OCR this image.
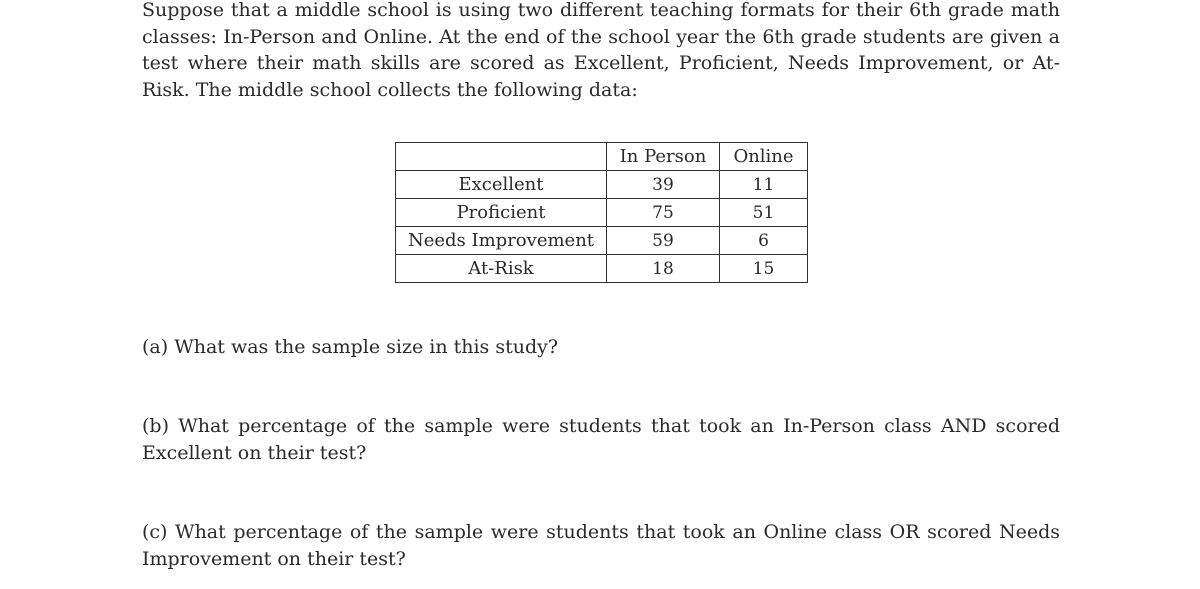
Suppose that a middle school is using two different teaching formats for their 6th grade math classes: In-Person and Online. At the end of the school year the 6th grade students are given a test where their math skills are scored as Excellent, Proficient, Needs Improvement, or At-Risk. The middle school collects the following data:

	In Person	Online
Excellent	39	11
Proficient	75	51
Needs Improvement	59	6
At-Risk	18	15

(a) What was the sample size in this study?

(b) What percentage of the sample were students that took an In-Person class AND scored Excellent on their test?

(c) What percentage of the sample were students that took an Online class OR scored Needs Improvement on their test?
